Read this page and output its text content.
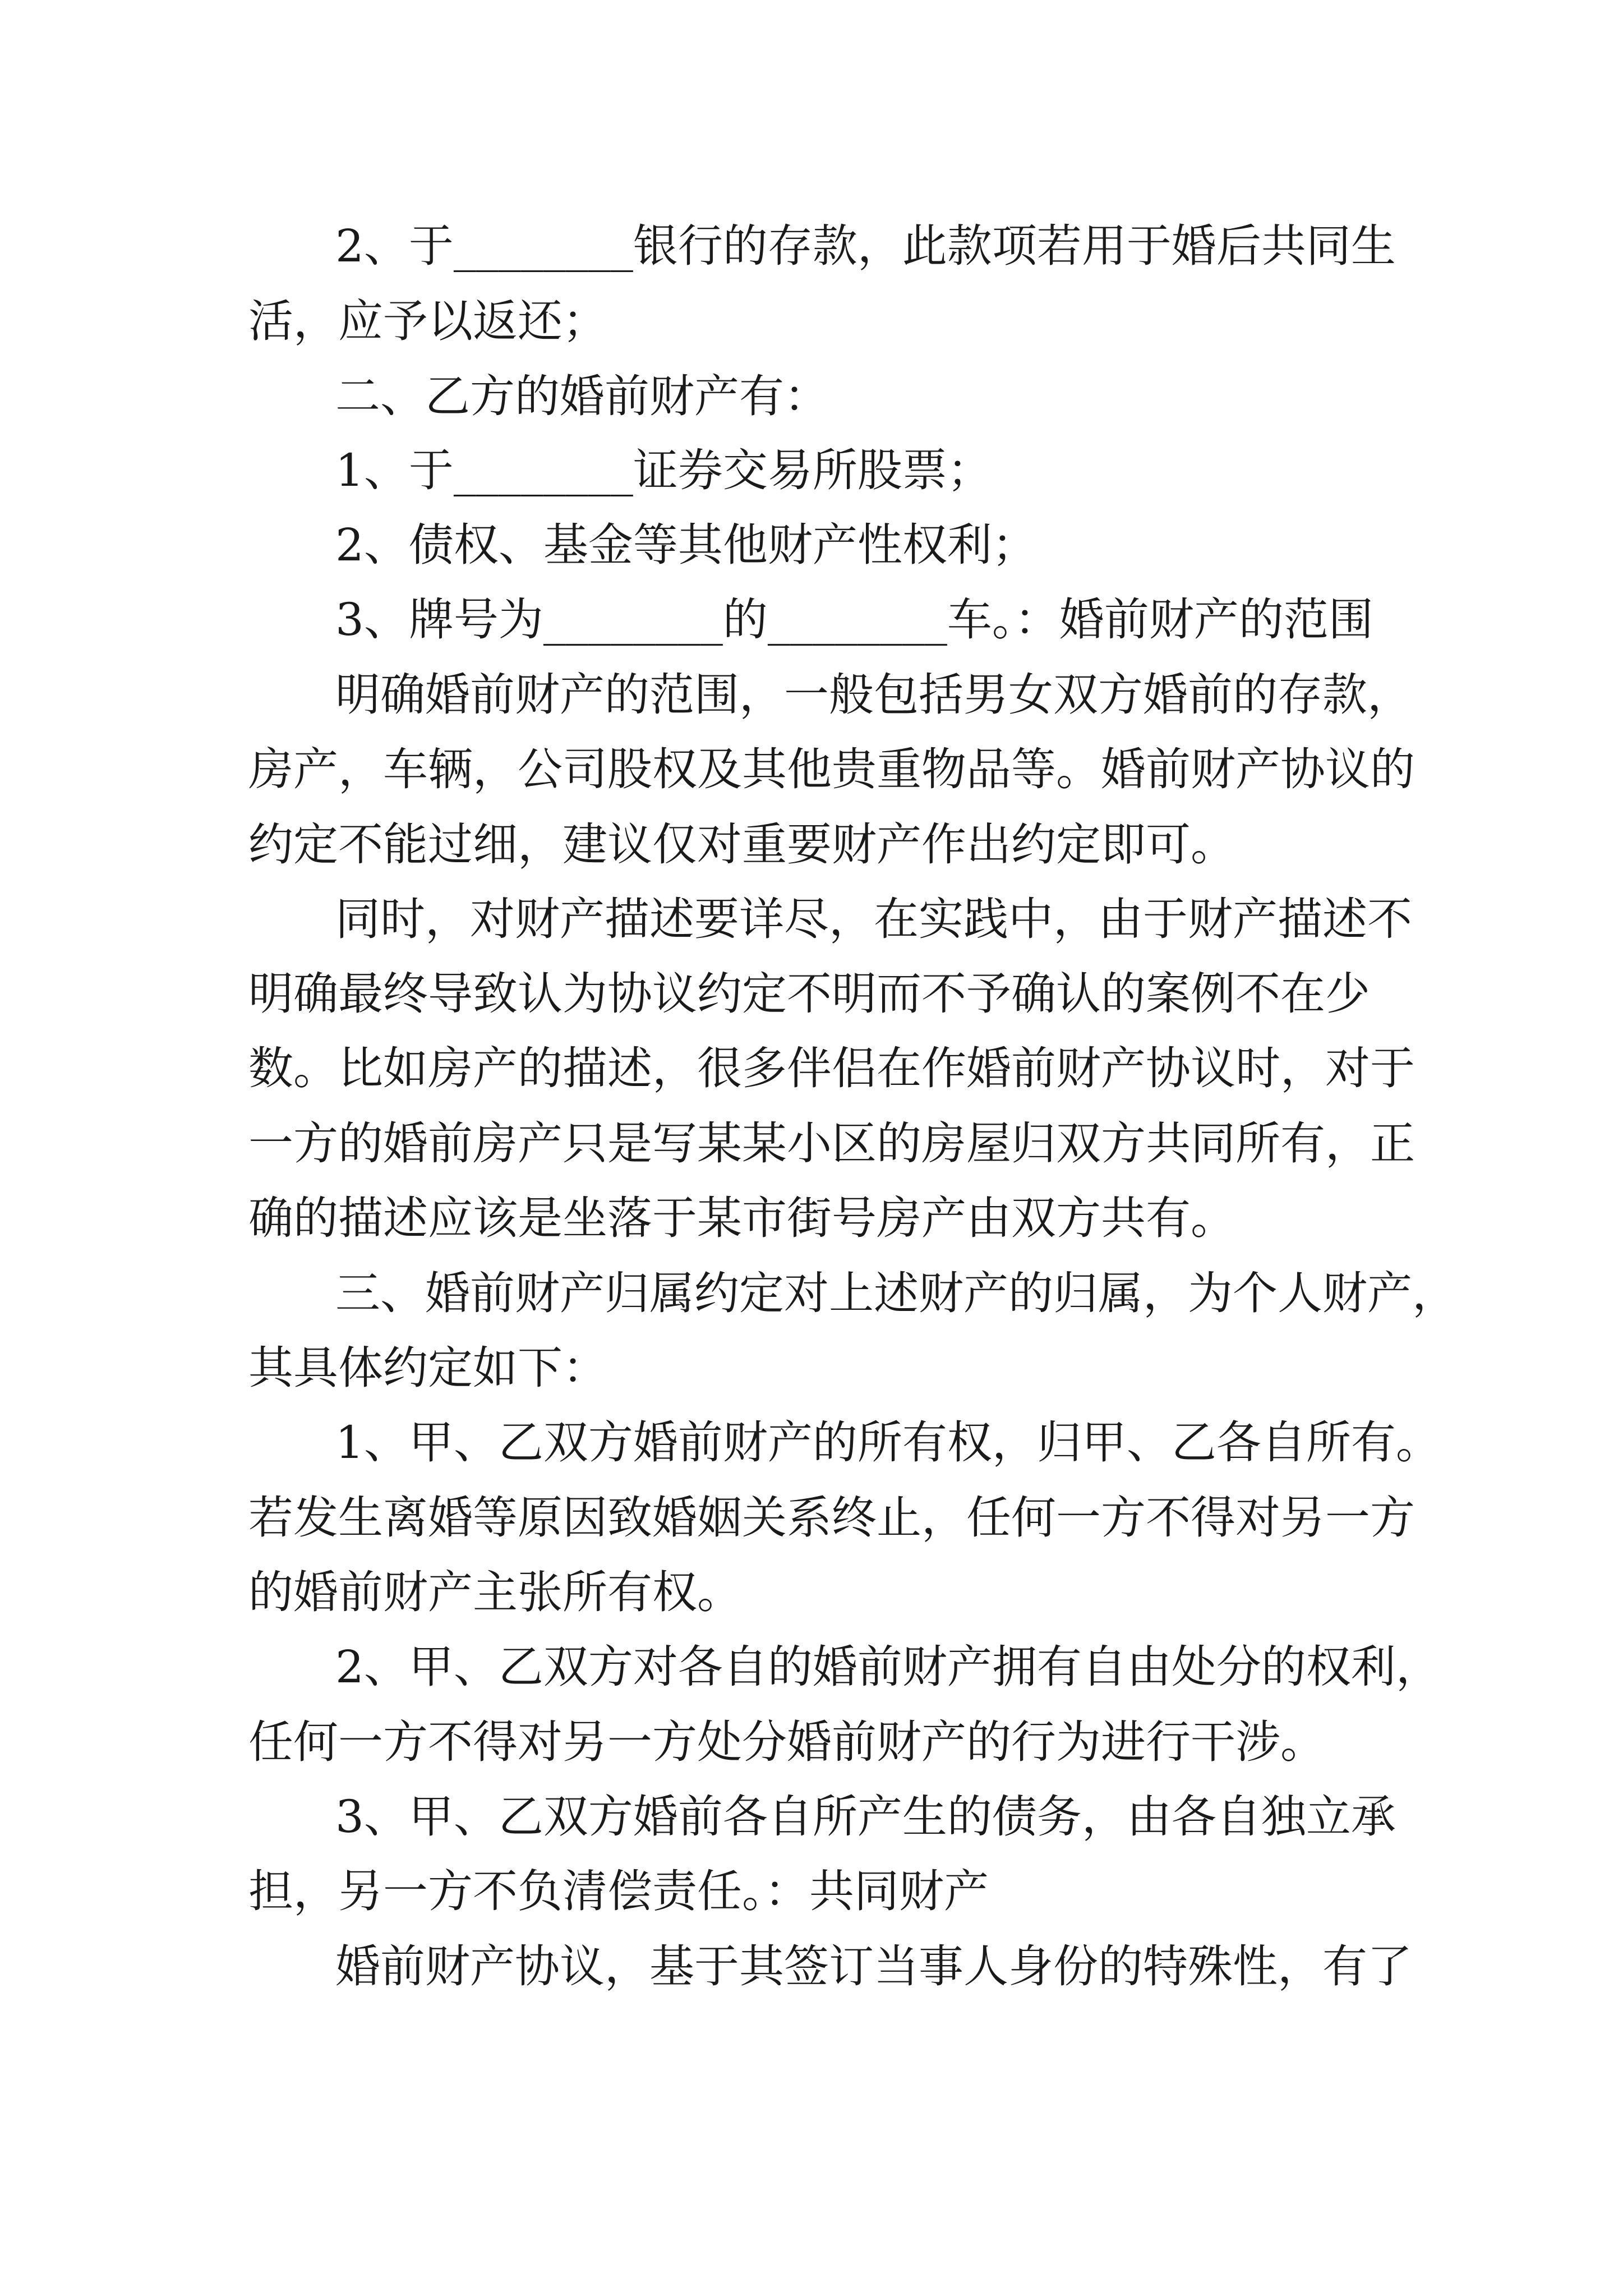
2、于________银行的存款，此款项若用于婚后共同生
活，应予以返还；
二、乙方的婚前财产有：
1、于________证券交易所股票；
2、债权、基金等其他财产性权利；
3、牌号为________的________车。：婚前财产的范围
明确婚前财产的范围，一般包括男女双方婚前的存款，
房产，车辆，公司股权及其他贵重物品等。婚前财产协议的
约定不能过细，建议仅对重要财产作出约定即可。
同时，对财产描述要详尽，在实践中，由于财产描述不
明确最终导致认为协议约定不明而不予确认的案例不在少
数。比如房产的描述，很多伴侣在作婚前财产协议时，对于
一方的婚前房产只是写某某小区的房屋归双方共同所有，正
确的描述应该是坐落于某市街号房产由双方共有。
三、婚前财产归属约定对上述财产的归属，为个人财产，
其具体约定如下：
1、甲、乙双方婚前财产的所有权，归甲、乙各自所有。
若发生离婚等原因致婚姻关系终止，任何一方不得对另一方
的婚前财产主张所有权。
2、甲、乙双方对各自的婚前财产拥有自由处分的权利，
任何一方不得对另一方处分婚前财产的行为进行干涉。
3、甲、乙双方婚前各自所产生的债务，由各自独立承
担，另一方不负清偿责任。：共同财产
婚前财产协议，基于其签订当事人身份的特殊性，有了
